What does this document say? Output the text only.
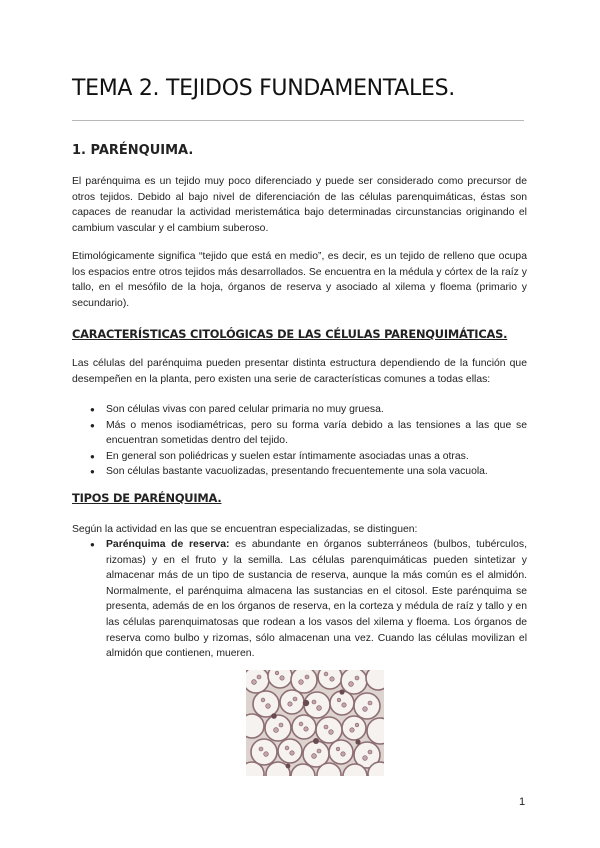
TEMA 2. TEJIDOS FUNDAMENTALES.
1. PARÉNQUIMA.

El parénquima es un tejido muy poco diferenciado y puede ser considerado como precursor de otros tejidos. Debido al bajo nivel de diferenciación de las células parenquimáticas, éstas son capaces de reanudar la actividad meristemática bajo determinadas circunstancias originando el cambium vascular y el cambium suberoso.

Etimológicamente significa “tejido que está en medio”, es decir, es un tejido de relleno que ocupa los espacios entre otros tejidos más desarrollados. Se encuentra en la médula y córtex de la raíz y tallo, en el mesófilo de la hoja, órganos de reserva y asociado al xilema y floema (primario y secundario).

CARACTERÍSTICAS CITOLÓGICAS DE LAS CÉLULAS PARENQUIMÁTICAS.

Las células del parénquima pueden presentar distinta estructura dependiendo de la función que desempeñen en la planta, pero existen una serie de características comunes a todas ellas:

● Son células vivas con pared celular primaria no muy gruesa.
● Más o menos isodiamétricas, pero su forma varía debido a las tensiones a las que se encuentran sometidas dentro del tejido.
● En general son poliédricas y suelen estar íntimamente asociadas unas a otras.
● Son células bastante vacuolizadas, presentando frecuentemente una sola vacuola.
TIPOS DE PARÉNQUIMA.

Según la actividad en las que se encuentran especializadas, se distinguen:

● Parénquima de reserva: es abundante en órganos subterráneos (bulbos, tubérculos, rizomas) y en el fruto y la semilla. Las células parenquimáticas pueden sintetizar y almacenar más de un tipo de sustancia de reserva, aunque la más común es el almidón. Normalmente, el parénquima almacena las sustancias en el citosol. Este parénquima se presenta, además de en los órganos de reserva, en la corteza y médula de raíz y tallo y en las células parenquimatosas que rodean a los vasos del xilema y floema. Los órganos de reserva como bulbo y rizomas, sólo almacenan una vez. Cuando las células movilizan el almidón que contienen, mueren.
1
